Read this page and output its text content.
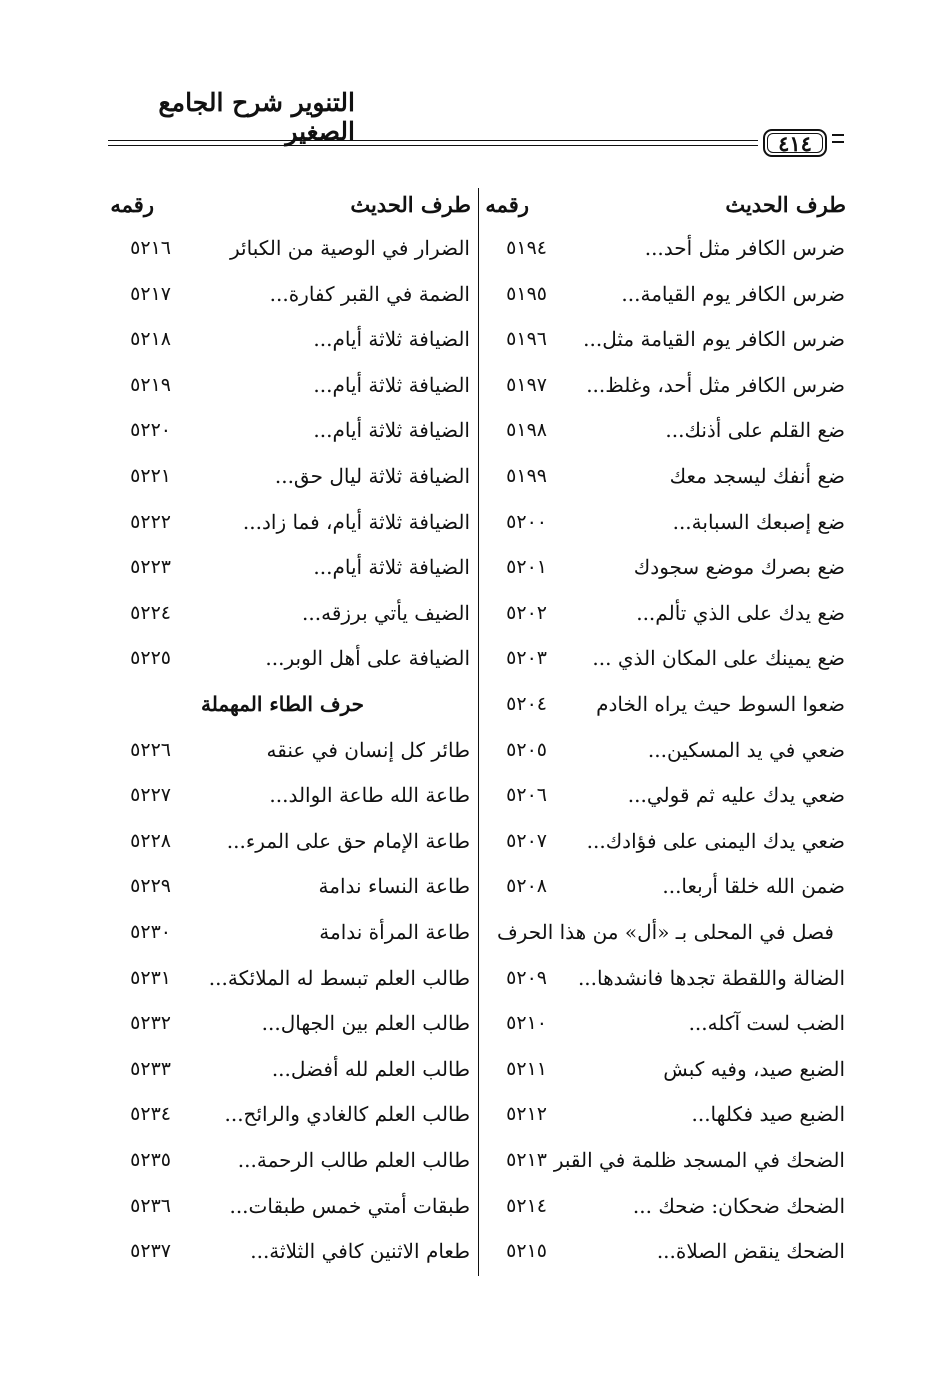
التنوير شرح الجامع الصغير	٤١٤
طرف الحديث
رقمه
طرف الحديث
رقمه
ضرس الكافر مثل أحد...
٥١٩٤
ضرس الكافر يوم القيامة...
٥١٩٥
ضرس الكافر يوم القيامة مثل...
٥١٩٦
ضرس الكافر مثل أحد، وغلظ...
٥١٩٧
ضع القلم على أذنك...
٥١٩٨
ضع أنفك ليسجد معك
٥١٩٩
ضع إصبعك السبابة...
٥٢٠٠
ضع بصرك موضع سجودك
٥٢٠١
ضع يدك على الذي تألم...
٥٢٠٢
ضع يمينك على المكان الذي ...
٥٢٠٣
ضعوا السوط حيث يراه الخادم
٥٢٠٤
ضعي في يد المسكين...
٥٢٠٥
ضعي يدك عليه ثم قولي...
٥٢٠٦
ضعي يدك اليمنى على فؤادك...
٥٢٠٧
ضمن الله خلقا أربعا...
٥٢٠٨
فصل في المحلى بـ «أل» من هذا الحرف
الضالة واللقطة تجدها فانشدها...
٥٢٠٩
الضب لست آكله...
٥٢١٠
الضبع صيد، وفيه كبش
٥٢١١
الضبع صيد فكلها...
٥٢١٢
الضحك في المسجد ظلمة في القبر
٥٢١٣
الضحك ضحكان: ضحك ...
٥٢١٤
الضحك ينقض الصلاة...
٥٢١٥
الضرار في الوصية من الكبائر
٥٢١٦
الضمة في القبر كفارة...
٥٢١٧
الضيافة ثلاثة أيام...
٥٢١٨
الضيافة ثلاثة أيام...
٥٢١٩
الضيافة ثلاثة أيام...
٥٢٢٠
الضيافة ثلاثة ليال حق...
٥٢٢١
الضيافة ثلاثة أيام، فما زاد...
٥٢٢٢
الضيافة ثلاثة أيام...
٥٢٢٣
الضيف يأتي برزقه...
٥٢٢٤
الضيافة على أهل الوبر...
٥٢٢٥
حرف الطاء المهملة
طائر كل إنسان في عنقه
٥٢٢٦
طاعة الله طاعة الوالد...
٥٢٢٧
طاعة الإمام حق على المرء...
٥٢٢٨
طاعة النساء ندامة
٥٢٢٩
طاعة المرأة ندامة
٥٢٣٠
طالب العلم تبسط له الملائكة...
٥٢٣١
طالب العلم بين الجهال...
٥٢٣٢
طالب العلم لله أفضل...
٥٢٣٣
طالب العلم كالغادي والرائح...
٥٢٣٤
طالب العلم طالب الرحمة...
٥٢٣٥
طبقات أمتي خمس طبقات...
٥٢٣٦
طعام الاثنين كافي الثلاثة...
٥٢٣٧
